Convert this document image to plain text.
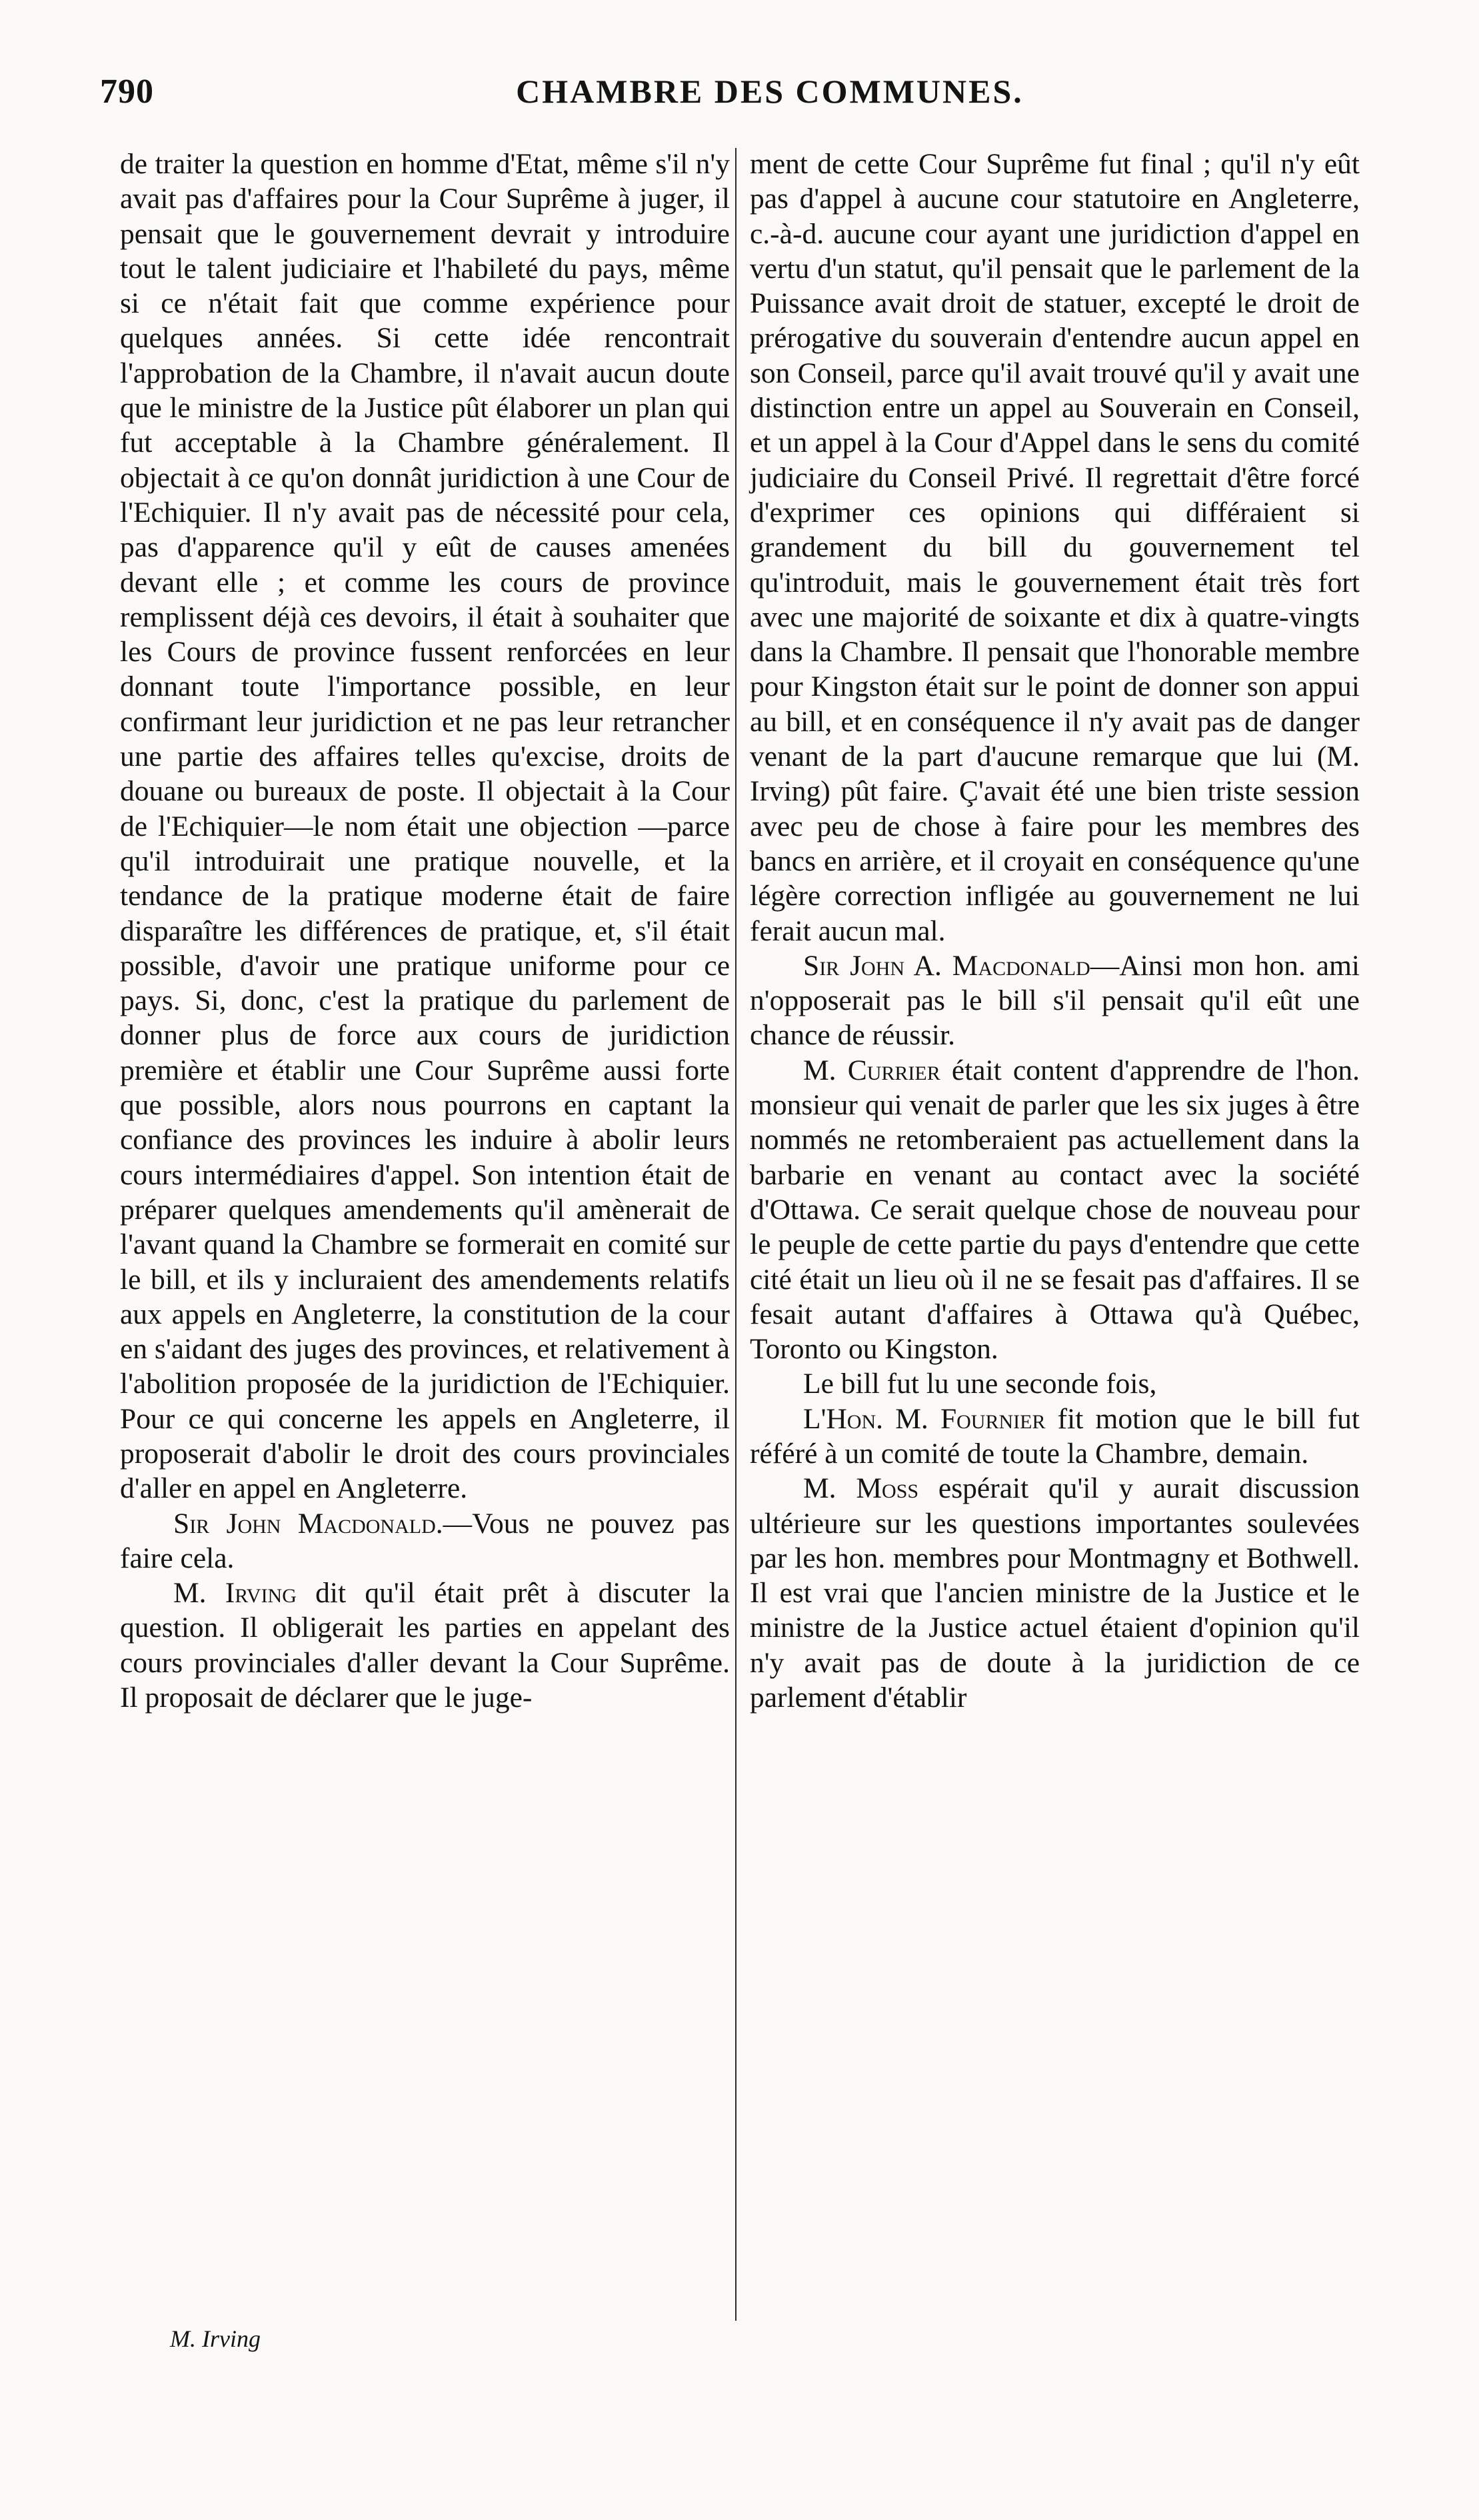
790	CHAMBRE DES COMMUNES.

de traiter la question en homme d'Etat, même s'il n'y avait pas d'affaires pour la Cour Suprême à juger, il pensait que le gouvernement devrait y introduire tout le talent judiciaire et l'habileté du pays, même si ce n'était fait que comme expérience pour quelques années. Si cette idée rencontrait l'approbation de la Chambre, il n'avait aucun doute que le ministre de la Justice pût élaborer un plan qui fut acceptable à la Chambre généralement. Il objectait à ce qu'on donnât juridiction à une Cour de l'Echiquier. Il n'y avait pas de nécessité pour cela, pas d'apparence qu'il y eût de causes amenées devant elle ; et comme les cours de province remplissent déjà ces devoirs, il était à souhaiter que les Cours de province fussent renforcées en leur donnant toute l'importance possible, en leur confirmant leur juridiction et ne pas leur retrancher une partie des affaires telles qu'excise, droits de douane ou bureaux de poste. Il objectait à la Cour de l'Echiquier—le nom était une objection —parce qu'il introduirait une pratique nouvelle, et la tendance de la pratique moderne était de faire disparaître les différences de pratique, et, s'il était possible, d'avoir une pratique uniforme pour ce pays. Si, donc, c'est la pratique du parlement de donner plus de force aux cours de juridiction première et établir une Cour Suprême aussi forte que possible, alors nous pourrons en captant la confiance des provinces les induire à abolir leurs cours intermédiaires d'appel. Son intention était de préparer quelques amendements qu'il amènerait de l'avant quand la Chambre se formerait en comité sur le bill, et ils y incluraient des amendements relatifs aux appels en Angleterre, la constitution de la cour en s'aidant des juges des provinces, et relativement à l'abolition proposée de la juridiction de l'Echiquier. Pour ce qui concerne les appels en Angleterre, il proposerait d'abolir le droit des cours provinciales d'aller en appel en Angleterre.

Sir John Macdonald.—Vous ne pouvez pas faire cela.

M. Irving dit qu'il était prêt à discuter la question. Il obligerait les parties en appelant des cours provinciales d'aller devant la Cour Suprême. Il proposait de déclarer que le juge-

ment de cette Cour Suprême fut final ; qu'il n'y eût pas d'appel à aucune cour statutoire en Angleterre, c.-à-d. aucune cour ayant une juridiction d'appel en vertu d'un statut, qu'il pensait que le parlement de la Puissance avait droit de statuer, excepté le droit de prérogative du souverain d'entendre aucun appel en son Conseil, parce qu'il avait trouvé qu'il y avait une distinction entre un appel au Souverain en Conseil, et un appel à la Cour d'Appel dans le sens du comité judiciaire du Conseil Privé. Il regrettait d'être forcé d'exprimer ces opinions qui différaient si grandement du bill du gouvernement tel qu'introduit, mais le gouvernement était très fort avec une majorité de soixante et dix à quatre-vingts dans la Chambre. Il pensait que l'honorable membre pour Kingston était sur le point de donner son appui au bill, et en conséquence il n'y avait pas de danger venant de la part d'aucune remarque que lui (M. Irving) pût faire. Ç'avait été une bien triste session avec peu de chose à faire pour les membres des bancs en arrière, et il croyait en conséquence qu'une légère correction infligée au gouvernement ne lui ferait aucun mal.

Sir John A. Macdonald—Ainsi mon hon. ami n'opposerait pas le bill s'il pensait qu'il eût une chance de réussir.

M. Currier était content d'apprendre de l'hon. monsieur qui venait de parler que les six juges à être nommés ne retomberaient pas actuellement dans la barbarie en venant au contact avec la société d'Ottawa. Ce serait quelque chose de nouveau pour le peuple de cette partie du pays d'entendre que cette cité était un lieu où il ne se fesait pas d'affaires. Il se fesait autant d'affaires à Ottawa qu'à Québec, Toronto ou Kingston.

Le bill fut lu une seconde fois,

L'Hon. M. Fournier fit motion que le bill fut référé à un comité de toute la Chambre, demain.

M. Moss espérait qu'il y aurait discussion ultérieure sur les questions importantes soulevées par les hon. membres pour Montmagny et Bothwell. Il est vrai que l'ancien ministre de la Justice et le ministre de la Justice actuel étaient d'opinion qu'il n'y avait pas de doute à la juridiction de ce parlement d'établir

M. Irving
